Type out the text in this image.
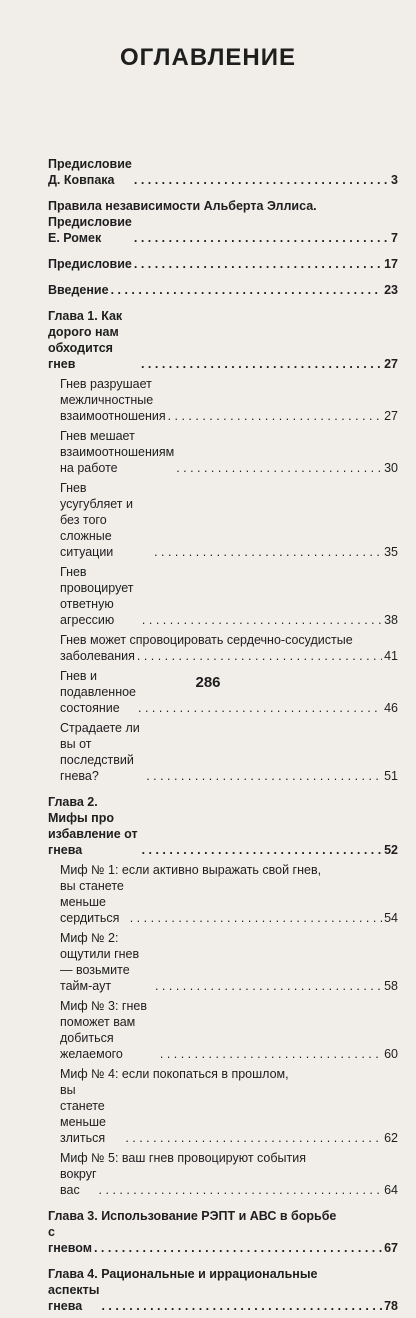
ОГЛАВЛЕНИЕ
Предисловие Д. Ковпака . . .	3
Правила независимости Альберта Эллиса.
Предисловие Е. Ромек . . .	7
Предисловие . . .	17
Введение . . .	23
Глава 1. Как дорого нам обходится гнев . . .	27
Гнев разрушает межличностные взаимоотношения . . .	27
Гнев мешает взаимоотношениям на работе . . .	30
Гнев усугубляет и без того сложные ситуации . . .	35
Гнев провоцирует ответную агрессию . . .	38
Гнев может спровоцировать сердечно-сосудистые
заболевания . . .	41
Гнев и подавленное состояние . . .	46
Страдаете ли вы от последствий гнева? . . .	51
Глава 2. Мифы про избавление от гнева . . .	52
Миф № 1: если активно выражать свой гнев,
вы станете меньше сердиться . . .	54
Миф № 2: ощутили гнев — возьмите тайм-аут . . .	58
Миф № 3: гнев поможет вам добиться желаемого . . .	60
Миф № 4: если покопаться в прошлом,
вы станете меньше злиться . . .	62
Миф № 5: ваш гнев провоцируют события
вокруг вас . . .	64
Глава 3. Использование РЭПТ и АВС в борьбе
с гневом . . .	67
Глава 4. Рациональные и иррациональные
аспекты гнева . . .	78
286
